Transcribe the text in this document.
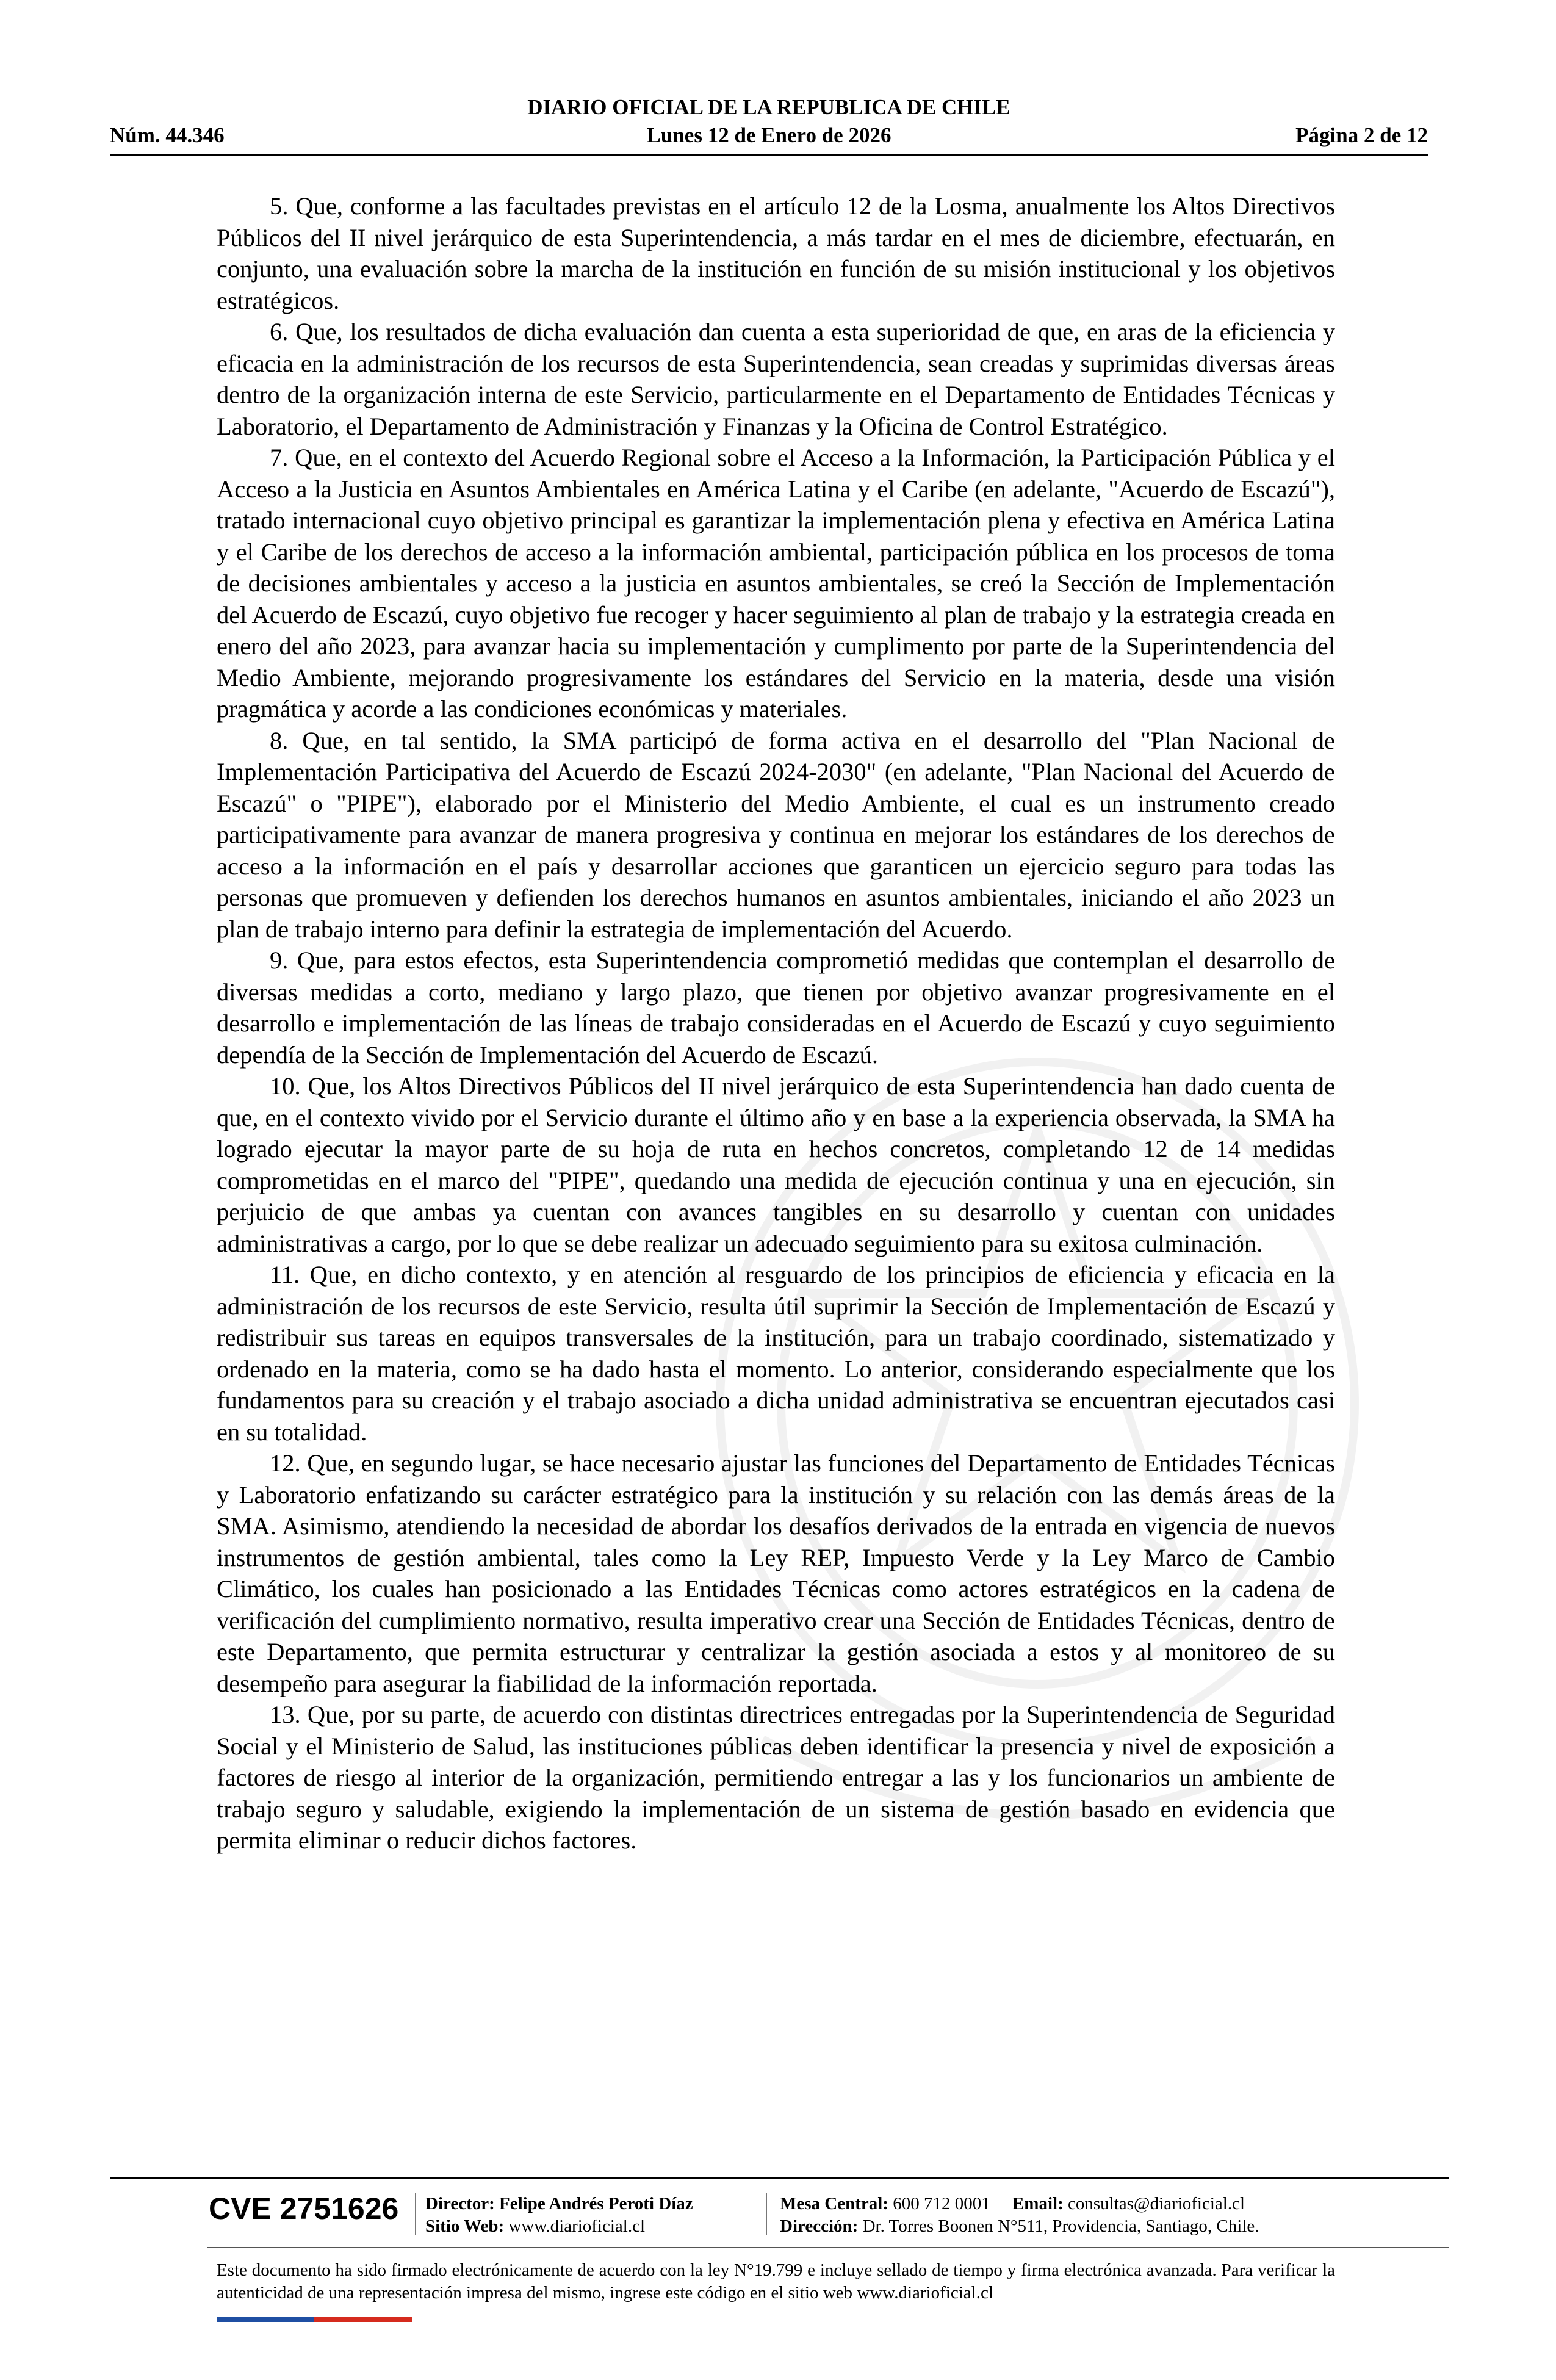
DIARIO OFICIAL DE LA REPUBLICA DE CHILE
Núm. 44.346	Lunes 12 de Enero de 2026	Página 2 de 12

5. Que, conforme a las facultades previstas en el artículo 12 de la Losma, anualmente los Altos Directivos Públicos del II nivel jerárquico de esta Superintendencia, a más tardar en el mes de diciembre, efectuarán, en conjunto, una evaluación sobre la marcha de la institución en función de su misión institucional y los objetivos estratégicos.

6. Que, los resultados de dicha evaluación dan cuenta a esta superioridad de que, en aras de la eficiencia y eficacia en la administración de los recursos de esta Superintendencia, sean creadas y suprimidas diversas áreas dentro de la organización interna de este Servicio, particularmente en el Departamento de Entidades Técnicas y Laboratorio, el Departamento de Administración y Finanzas y la Oficina de Control Estratégico.

7. Que, en el contexto del Acuerdo Regional sobre el Acceso a la Información, la Participación Pública y el Acceso a la Justicia en Asuntos Ambientales en América Latina y el Caribe (en adelante, "Acuerdo de Escazú"), tratado internacional cuyo objetivo principal es garantizar la implementación plena y efectiva en América Latina y el Caribe de los derechos de acceso a la información ambiental, participación pública en los procesos de toma de decisiones ambientales y acceso a la justicia en asuntos ambientales, se creó la Sección de Implementación del Acuerdo de Escazú, cuyo objetivo fue recoger y hacer seguimiento al plan de trabajo y la estrategia creada en enero del año 2023, para avanzar hacia su implementación y cumplimento por parte de la Superintendencia del Medio Ambiente, mejorando progresivamente los estándares del Servicio en la materia, desde una visión pragmática y acorde a las condiciones económicas y materiales.

8. Que, en tal sentido, la SMA participó de forma activa en el desarrollo del "Plan Nacional de Implementación Participativa del Acuerdo de Escazú 2024-2030" (en adelante, "Plan Nacional del Acuerdo de Escazú" o "PIPE"), elaborado por el Ministerio del Medio Ambiente, el cual es un instrumento creado participativamente para avanzar de manera progresiva y continua en mejorar los estándares de los derechos de acceso a la información en el país y desarrollar acciones que garanticen un ejercicio seguro para todas las personas que promueven y defienden los derechos humanos en asuntos ambientales, iniciando el año 2023 un plan de trabajo interno para definir la estrategia de implementación del Acuerdo.

9. Que, para estos efectos, esta Superintendencia comprometió medidas que contemplan el desarrollo de diversas medidas a corto, mediano y largo plazo, que tienen por objetivo avanzar progresivamente en el desarrollo e implementación de las líneas de trabajo consideradas en el Acuerdo de Escazú y cuyo seguimiento dependía de la Sección de Implementación del Acuerdo de Escazú.

10. Que, los Altos Directivos Públicos del II nivel jerárquico de esta Superintendencia han dado cuenta de que, en el contexto vivido por el Servicio durante el último año y en base a la experiencia observada, la SMA ha logrado ejecutar la mayor parte de su hoja de ruta en hechos concretos, completando 12 de 14 medidas comprometidas en el marco del "PIPE", quedando una medida de ejecución continua y una en ejecución, sin perjuicio de que ambas ya cuentan con avances tangibles en su desarrollo y cuentan con unidades administrativas a cargo, por lo que se debe realizar un adecuado seguimiento para su exitosa culminación.

11. Que, en dicho contexto, y en atención al resguardo de los principios de eficiencia y eficacia en la administración de los recursos de este Servicio, resulta útil suprimir la Sección de Implementación de Escazú y redistribuir sus tareas en equipos transversales de la institución, para un trabajo coordinado, sistematizado y ordenado en la materia, como se ha dado hasta el momento. Lo anterior, considerando especialmente que los fundamentos para su creación y el trabajo asociado a dicha unidad administrativa se encuentran ejecutados casi en su totalidad.

12. Que, en segundo lugar, se hace necesario ajustar las funciones del Departamento de Entidades Técnicas y Laboratorio enfatizando su carácter estratégico para la institución y su relación con las demás áreas de la SMA. Asimismo, atendiendo la necesidad de abordar los desafíos derivados de la entrada en vigencia de nuevos instrumentos de gestión ambiental, tales como la Ley REP, Impuesto Verde y la Ley Marco de Cambio Climático, los cuales han posicionado a las Entidades Técnicas como actores estratégicos en la cadena de verificación del cumplimiento normativo, resulta imperativo crear una Sección de Entidades Técnicas, dentro de este Departamento, que permita estructurar y centralizar la gestión asociada a estos y al monitoreo de su desempeño para asegurar la fiabilidad de la información reportada.

13. Que, por su parte, de acuerdo con distintas directrices entregadas por la Superintendencia de Seguridad Social y el Ministerio de Salud, las instituciones públicas deben identificar la presencia y nivel de exposición a factores de riesgo al interior de la organización, permitiendo entregar a las y los funcionarios un ambiente de trabajo seguro y saludable, exigiendo la implementación de un sistema de gestión basado en evidencia que permita eliminar o reducir dichos factores.

CVE 2751626 Director: Felipe Andrés Peroti Díaz
Sitio Web: www.diarioficial.cl
Mesa Central: 600 712 0001 Email: consultas@diarioficial.cl
Dirección: Dr. Torres Boonen N°511, Providencia, Santiago, Chile.
Este documento ha sido firmado electrónicamente de acuerdo con la ley N°19.799 e incluye sellado de tiempo y firma electrónica avanzada. Para verificar la autenticidad de una representación impresa del mismo, ingrese este código en el sitio web www.diarioficial.cl
